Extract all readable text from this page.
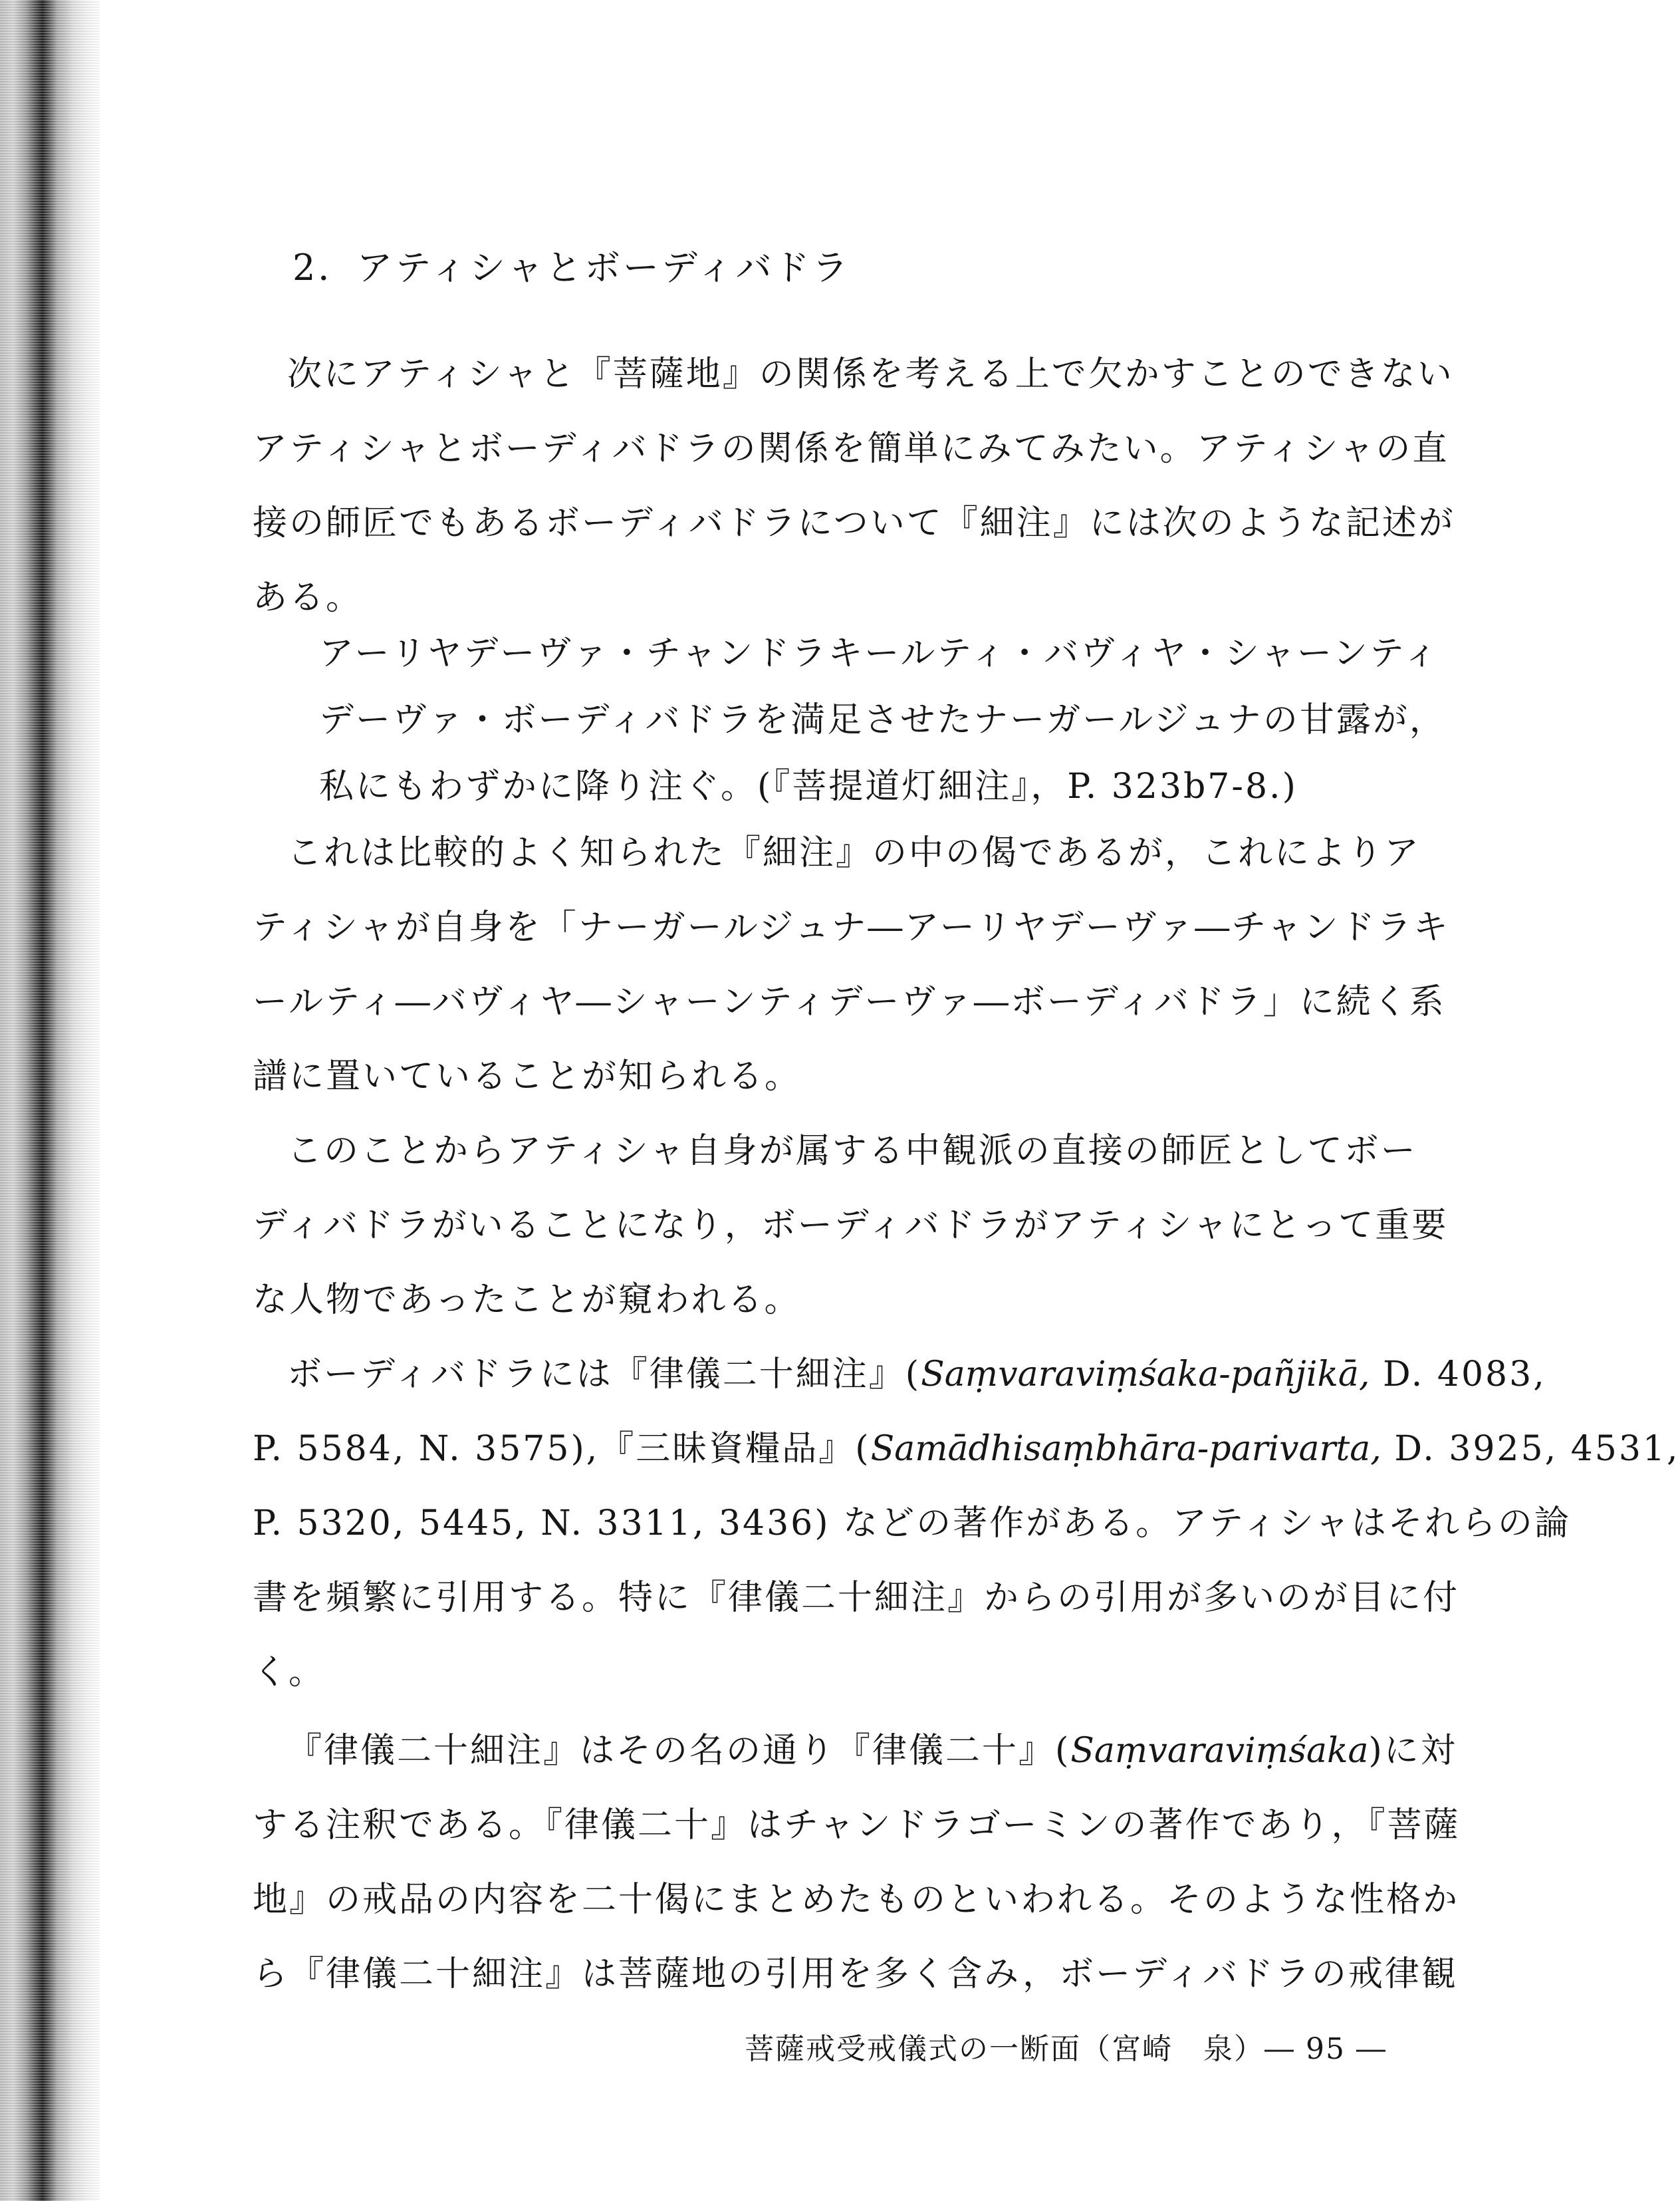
2．アティシャとボーディバドラ
次にアティシャと『菩薩地』の関係を考える上で欠かすことのできない
アティシャとボーディバドラの関係を簡単にみてみたい。アティシャの直
接の師匠でもあるボーディバドラについて『細注』には次のような記述が
ある。
アーリヤデーヴァ・チャンドラキールティ・バヴィヤ・シャーンティ
デーヴァ・ボーディバドラを満足させたナーガールジュナの甘露が，
私にもわずかに降り注ぐ。(『菩提道灯細注』，P. 323b7-8.)
これは比較的よく知られた『細注』の中の偈であるが，これによりア
ティシャが自身を「ナーガールジュナ―アーリヤデーヴァ―チャンドラキ
ールティ―バヴィヤ―シャーンティデーヴァ―ボーディバドラ」に続く系
譜に置いていることが知られる。
このことからアティシャ自身が属する中観派の直接の師匠としてボー
ディバドラがいることになり，ボーディバドラがアティシャにとって重要
な人物であったことが窺われる。
ボーディバドラには『律儀二十細注』(Saṃvaraviṃśaka-pañjikā, D. 4083,
P. 5584, N. 3575),『三昧資糧品』(Samādhisaṃbhāra-parivarta, D. 3925, 4531,
P. 5320, 5445, N. 3311, 3436) などの著作がある。アティシャはそれらの論
書を頻繁に引用する。特に『律儀二十細注』からの引用が多いのが目に付
く。
『律儀二十細注』はその名の通り『律儀二十』(Saṃvaraviṃśaka)に対
する注釈である。『律儀二十』はチャンドラゴーミンの著作であり，『菩薩
地』の戒品の内容を二十偈にまとめたものといわれる。そのような性格か
ら『律儀二十細注』は菩薩地の引用を多く含み，ボーディバドラの戒律観
菩薩戒受戒儀式の一断面（宮崎　泉）― 95 ―
